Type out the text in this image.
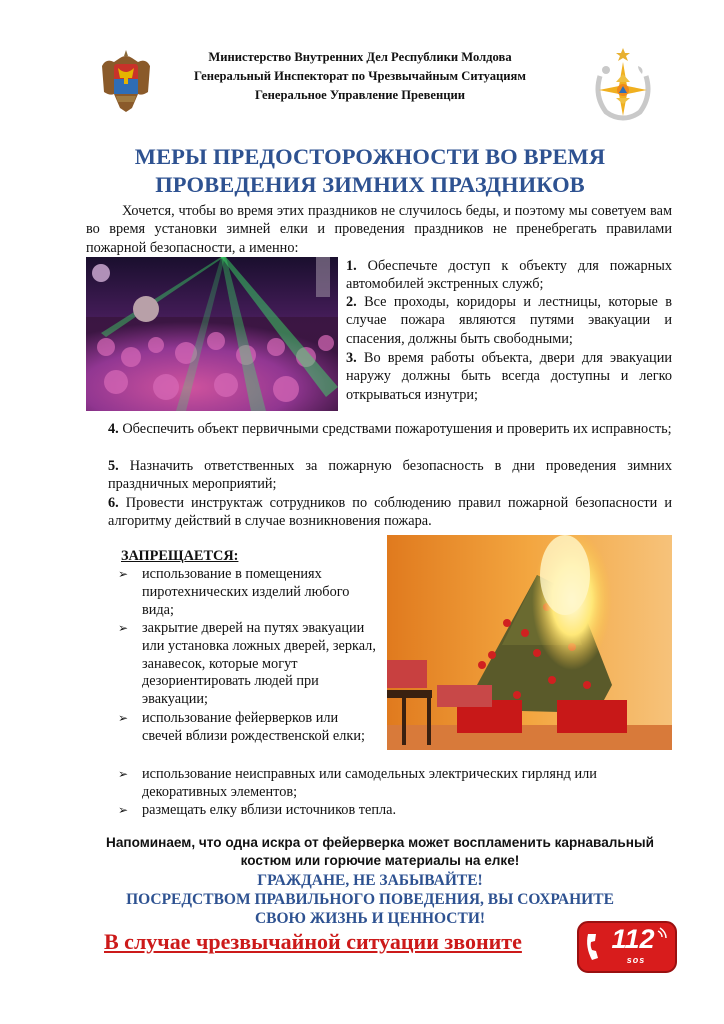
Министерство Внутренних Дел Республики Молдова
Генеральный Инспекторат по Чрезвычайным Ситуациям
Генеральное Управление Превенции
МЕРЫ ПРЕДОСТОРОЖНОСТИ ВО ВРЕМЯ
ПРОВЕДЕНИЯ ЗИМНИХ ПРАЗДНИКОВ
Хочется, чтобы во время этих праздников не случилось беды, и поэтому мы советуем вам во время установки зимней елки и проведения праздников не пренебрегать правилами пожарной безопасности, а именно:
1. Обеспечьте доступ к объекту для пожарных автомобилей экстренных служб;
2. Все проходы, коридоры и лестницы, которые в случае пожара являются путями эвакуации и спасения, должны быть свободными;
3. Во время работы объекта, двери для эвакуации наружу должны быть всегда доступны и легко открываться изнутри;
4. Обеспечить объект первичными средствами пожаротушения и проверить их исправность;
5. Назначить ответственных за пожарную безопасность в дни проведения зимних праздничных мероприятий;
6. Провести инструктаж сотрудников по соблюдению правил пожарной безопасности и алгоритму действий в случае возникновения пожара.
ЗАПРЕЩАЕТСЯ:
➢ использование в помещениях пиротехнических изделий любого вида;
➢ закрытие дверей на путях эвакуации или установка ложных дверей, зеркал, занавесок, которые могут дезориентировать людей при эвакуации;
➢ использование фейерверков или свечей вблизи рождественской елки;
➢ использование неисправных или самодельных электрических гирлянд или декоративных элементов;
➢ размещать елку вблизи источников тепла.
Напоминаем, что одна искра от фейерверка может воспламенить карнавальный
костюм или горючие материалы на елке!
ГРАЖДАНЕ, НЕ ЗАБЫВАЙТЕ!
ПОСРЕДСТВОМ ПРАВИЛЬНОГО ПОВЕДЕНИЯ, ВЫ СОХРАНИТЕ
СВОЮ ЖИЗНЬ И ЦЕННОСТИ!
В случае чрезвычайной ситуации звоните	112
sos
